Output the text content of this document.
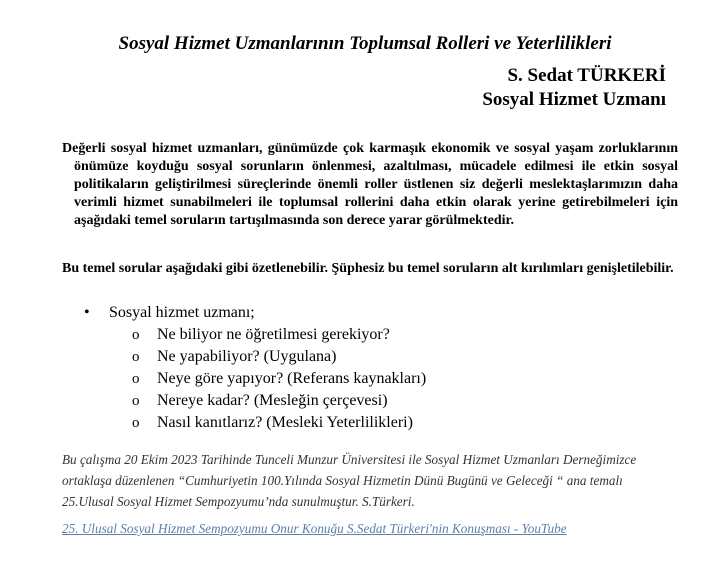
Sosyal Hizmet Uzmanlarının Toplumsal Rolleri ve Yeterlilikleri
S. Sedat TÜRKERİ
Sosyal Hizmet Uzmanı
Değerli sosyal hizmet uzmanları, günümüzde çok karmaşık ekonomik ve sosyal yaşam zorluklarının önümüze koyduğu sosyal sorunların önlenmesi, azaltılması, mücadele edilmesi ile etkin sosyal politikaların geliştirilmesi süreçlerinde önemli roller üstlenen siz değerli meslektaşlarımızın daha verimli hizmet sunabilmeleri ile toplumsal rollerini daha etkin olarak yerine getirebilmeleri için aşağıdaki temel soruların tartışılmasında son derece yarar görülmektedir.
Bu temel sorular aşağıdaki gibi özetlenebilir. Şüphesiz bu temel soruların alt kırılımları genişletilebilir.
• Sosyal hizmet uzmanı;
o Ne biliyor ne öğretilmesi gerekiyor?
o Ne yapabiliyor? (Uygulana)
o Neye göre yapıyor? (Referans kaynakları)
o Nereye kadar? (Mesleğin çerçevesi)
o Nasıl kanıtlarız? (Mesleki Yeterlilikleri)
Bu çalışma 20 Ekim 2023 Tarihinde Tunceli Munzur Üniversitesi ile Sosyal Hizmet Uzmanları Derneğimizce ortaklaşa düzenlenen “Cumhuriyetin 100.Yılında Sosyal Hizmetin Dünü Bugünü ve Geleceği “ ana temalı 25.Ulusal Sosyal Hizmet Sempozyumu’nda sunulmuştur. S.Türkeri.
25. Ulusal Sosyal Hizmet Sempozyumu Onur Konuğu S.Sedat Türkeri'nin Konuşması - YouTube
